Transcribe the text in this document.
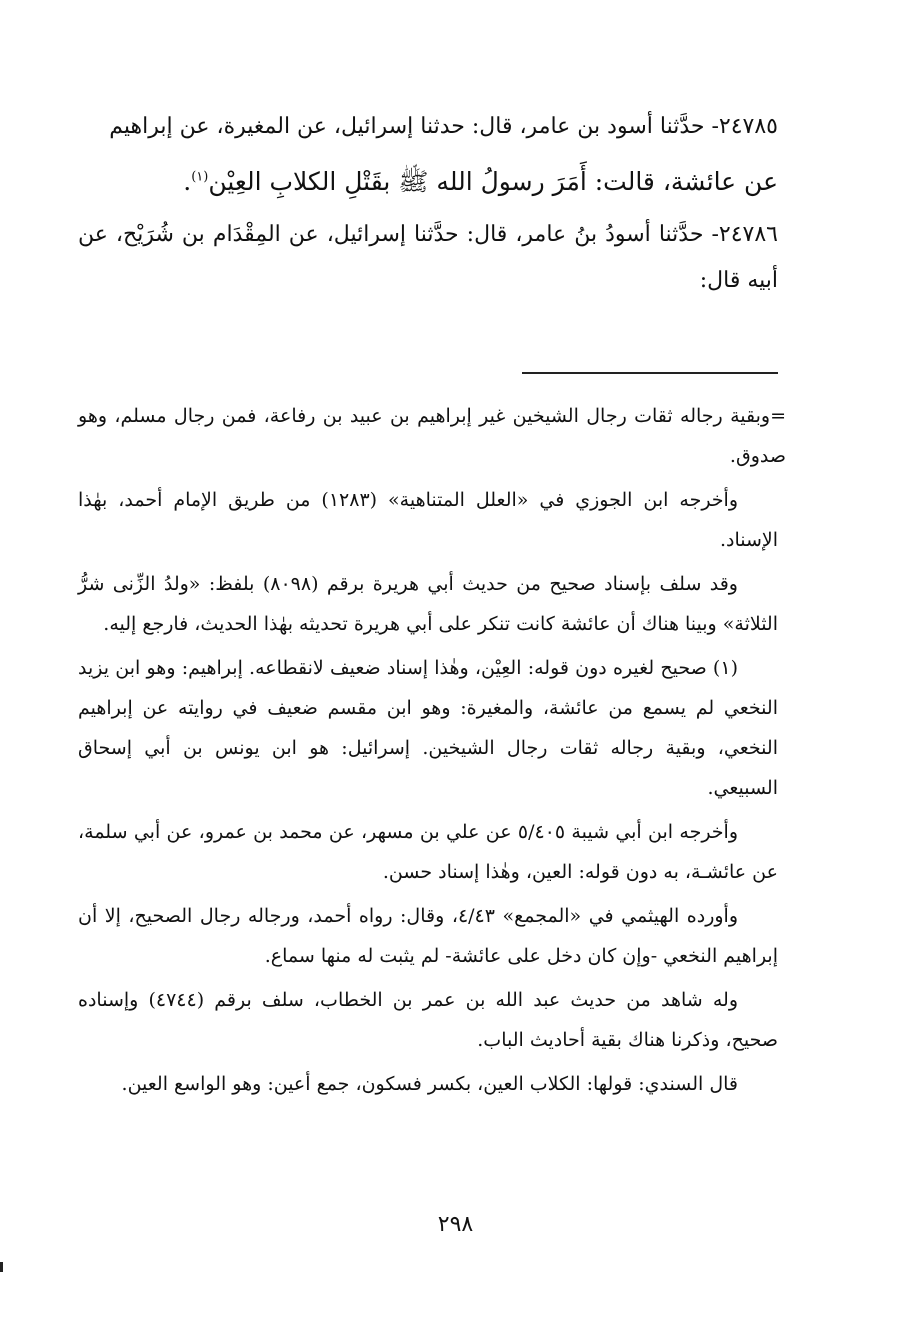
٢٤٧٨٥- حدَّثنا أسود بن عامر، قال: حدثنا إسرائيل، عن المغيرة، عن إبراهيم

عن عائشة، قالت: أَمَرَ رسولُ الله ﷺ بقَتْلِ الكلابِ العِيْن$^{(١)}$.

٢٤٧٨٦- حدَّثنا أسودُ بنُ عامر، قال: حدَّثنا إسرائيل، عن المِقْدَام بن شُرَيْح، عن أبيه قال:

=وبقية رجاله ثقات رجال الشيخين غير إبراهيم بن عبيد بن رفاعة، فمن رجال مسلم، وهو صدوق.

وأخرجه ابن الجوزي في «العلل المتناهية» (١٢٨٣) من طريق الإمام أحمد، بهٰذا الإسناد.

وقد سلف بإسناد صحيح من حديث أبي هريرة برقم (٨٠٩٨) بلفظ: «ولدُ الزِّنى شرُّ الثلاثة» وبينا هناك أن عائشة كانت تنكر على أبي هريرة تحديثه بهٰذا الحديث، فارجع إليه.

(١) صحيح لغيره دون قوله: العِيْن، وهٰذا إسناد ضعيف لانقطاعه. إبراهيم: وهو ابن يزيد النخعي لم يسمع من عائشة، والمغيرة: وهو ابن مقسم ضعيف في روايته عن إبراهيم النخعي، وبقية رجاله ثقات رجال الشيخين. إسرائيل: هو ابن يونس بن أبي إسحاق السبيعي.

وأخرجه ابن أبي شيبة ٥/٤٠٥ عن علي بن مسهر، عن محمد بن عمرو، عن أبي سلمة، عن عائشـة، به دون قوله: العين، وهٰذا إسناد حسن.

وأورده الهيثمي في «المجمع» ٤/٤٣، وقال: رواه أحمد، ورجاله رجال الصحيح، إلا أن إبراهيم النخعي -وإن كان دخل على عائشة- لم يثبت له منها سماع.

وله شاهد من حديث عبد الله بن عمر بن الخطاب، سلف برقم (٤٧٤٤) وإسناده صحيح، وذكرنا هناك بقية أحاديث الباب.

قال السندي: قولها: الكلاب العين، بكسر فسكون، جمع أعين: وهو الواسع العين.

٢٩٨
